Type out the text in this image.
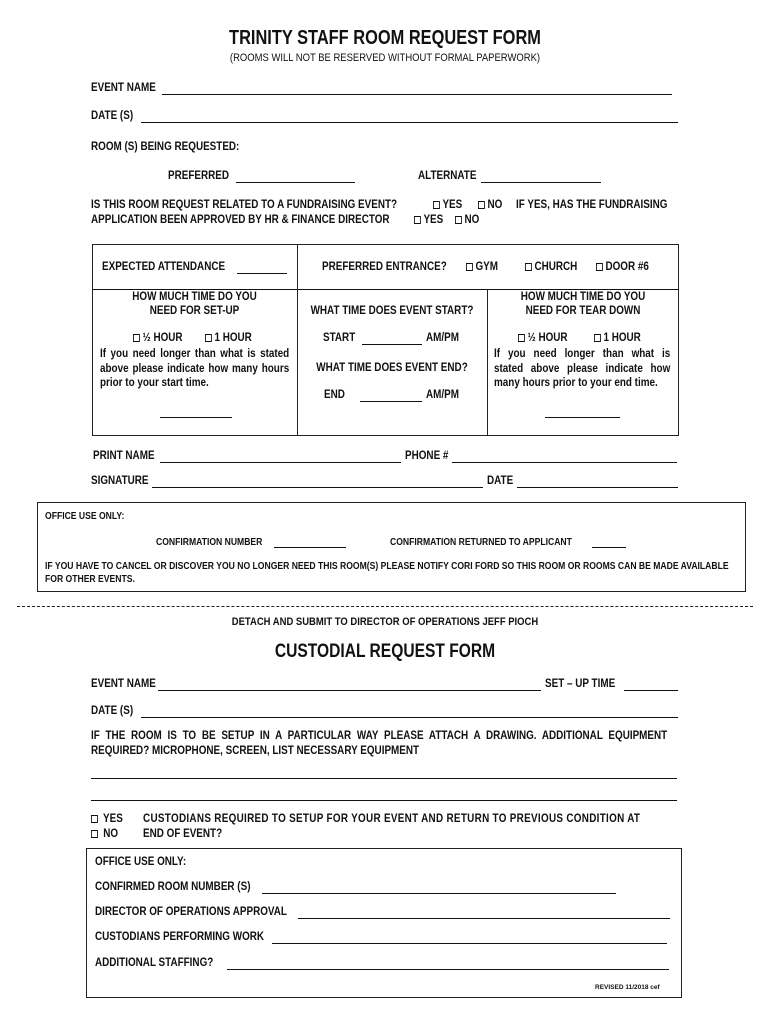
TRINITY STAFF ROOM REQUEST FORM
(ROOMS WILL NOT BE RESERVED WITHOUT FORMAL PAPERWORK)
EVENT NAME
DATE (S)
ROOM (S) BEING REQUESTED:
PREFERRED	ALTERNATE
IS THIS ROOM REQUEST RELATED TO A FUNDRAISING EVENT?	YES	NO IF YES, HAS THE FUNDRAISING
APPLICATION BEEN APPROVED BY HR & FINANCE DIRECTOR	YES	NO
EXPECTED ATTENDANCE	PREFERRED ENTRANCE?	GYM	CHURCH	DOOR #6
HOW MUCH TIME DO YOU
NEED FOR SET-UP
½ HOUR	1 HOUR
If you need longer than what is stated above please indicate how many hours prior to your start time.
WHAT TIME DOES EVENT START?
START	AM/PM
WHAT TIME DOES EVENT END?
END	AM/PM
HOW MUCH TIME DO YOU
NEED FOR TEAR DOWN
½ HOUR	1 HOUR
If you need longer than what is stated above please indicate how many hours prior to your end time.
PRINT NAME	PHONE #
SIGNATURE	DATE
OFFICE USE ONLY:
CONFIRMATION NUMBER	CONFIRMATION RETURNED TO APPLICANT
IF YOU HAVE TO CANCEL OR DISCOVER YOU NO LONGER NEED THIS ROOM(S) PLEASE NOTIFY CORI FORD SO THIS ROOM OR ROOMS CAN BE MADE AVAILABLE FOR OTHER EVENTS.
DETACH AND SUBMIT TO DIRECTOR OF OPERATIONS JEFF PIOCH
CUSTODIAL REQUEST FORM
EVENT NAME	SET – UP TIME
DATE (S)
IF THE ROOM IS TO BE SETUP IN A PARTICULAR WAY PLEASE ATTACH A DRAWING. ADDITIONAL EQUIPMENT REQUIRED? MICROPHONE, SCREEN, LIST NECESSARY EQUIPMENT
YES
NO
CUSTODIANS REQUIRED TO SETUP FOR YOUR EVENT AND RETURN TO PREVIOUS CONDITION AT
END OF EVENT?
OFFICE USE ONLY:
CONFIRMED ROOM NUMBER (S)
DIRECTOR OF OPERATIONS APPROVAL
CUSTODIANS PERFORMING WORK
ADDITIONAL STAFFING?
REVISED 11/2018 cef
